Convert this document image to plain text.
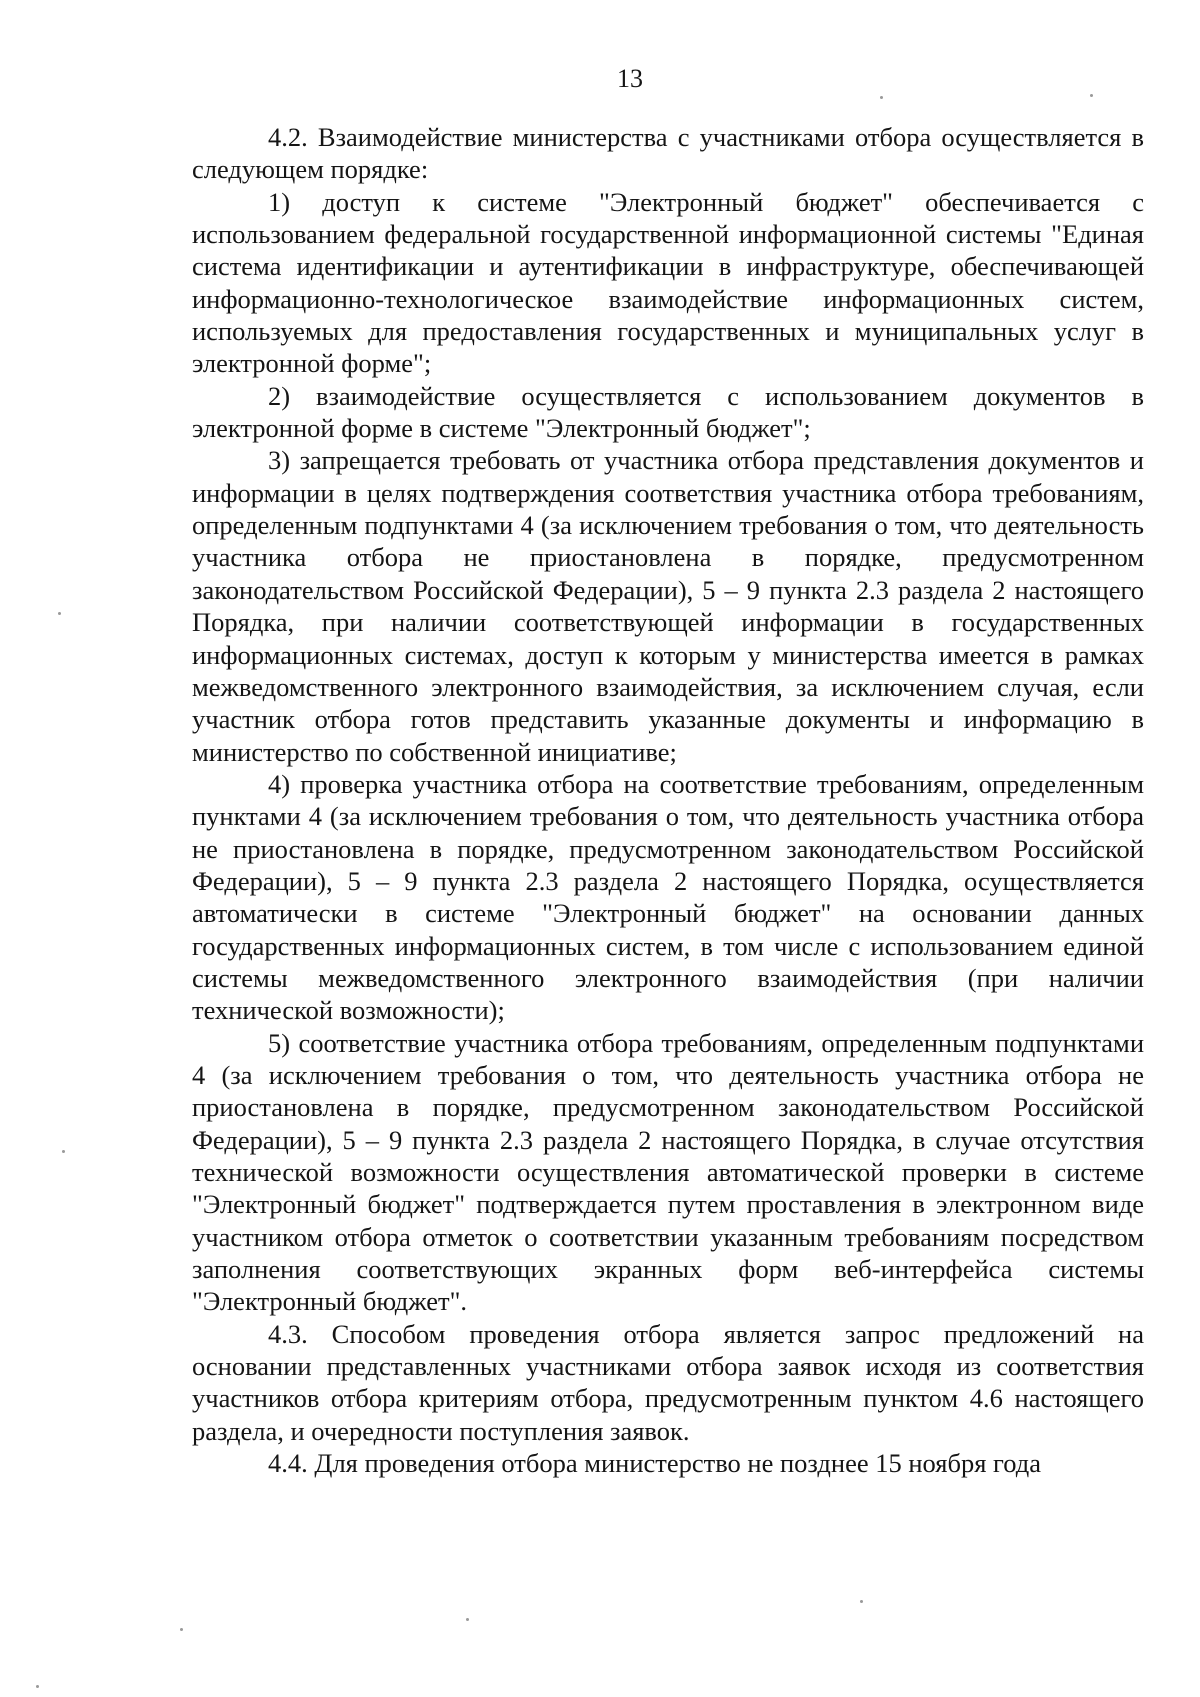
13

4.2. Взаимодействие министерства с участниками отбора осуществляется в следующем порядке:

1) доступ к системе "Электронный бюджет" обеспечивается с использованием федеральной государственной информационной системы "Единая система идентификации и аутентификации в инфраструктуре, обеспечивающей информационно-технологическое взаимодействие информационных систем, используемых для предоставления государственных и муниципальных услуг в электронной форме";

2) взаимодействие осуществляется с использованием документов в электронной форме в системе "Электронный бюджет";

3) запрещается требовать от участника отбора представления документов и информации в целях подтверждения соответствия участника отбора требованиям, определенным подпунктами 4 (за исключением требования о том, что деятельность участника отбора не приостановлена в порядке, предусмотренном законодательством Российской Федерации), 5 – 9 пункта 2.3 раздела 2 настоящего Порядка, при наличии соответствующей информации в государственных информационных системах, доступ к которым у министерства имеется в рамках межведомственного электронного взаимодействия, за исключением случая, если участник отбора готов представить указанные документы и информацию в министерство по собственной инициативе;

4) проверка участника отбора на соответствие требованиям, определенным пунктами 4 (за исключением требования о том, что деятельность участника отбора не приостановлена в порядке, предусмотренном законодательством Российской Федерации), 5 – 9 пункта 2.3 раздела 2 настоящего Порядка, осуществляется автоматически в системе "Электронный бюджет" на основании данных государственных информационных систем, в том числе с использованием единой системы межведомственного электронного взаимодействия (при наличии технической возможности);

5) соответствие участника отбора требованиям, определенным подпунктами 4 (за исключением требования о том, что деятельность участника отбора не приостановлена в порядке, предусмотренном законодательством Российской Федерации), 5 – 9 пункта 2.3 раздела 2 настоящего Порядка, в случае отсутствия технической возможности осуществления автоматической проверки в системе "Электронный бюджет" подтверждается путем проставления в электронном виде участником отбора отметок о соответствии указанным требованиям посредством заполнения соответствующих экранных форм веб-интерфейса системы "Электронный бюджет".

4.3. Способом проведения отбора является запрос предложений на основании представленных участниками отбора заявок исходя из соответствия участников отбора критериям отбора, предусмотренным пунктом 4.6 настоящего раздела, и очередности поступления заявок.

4.4. Для проведения отбора министерство не позднее 15 ноября года
